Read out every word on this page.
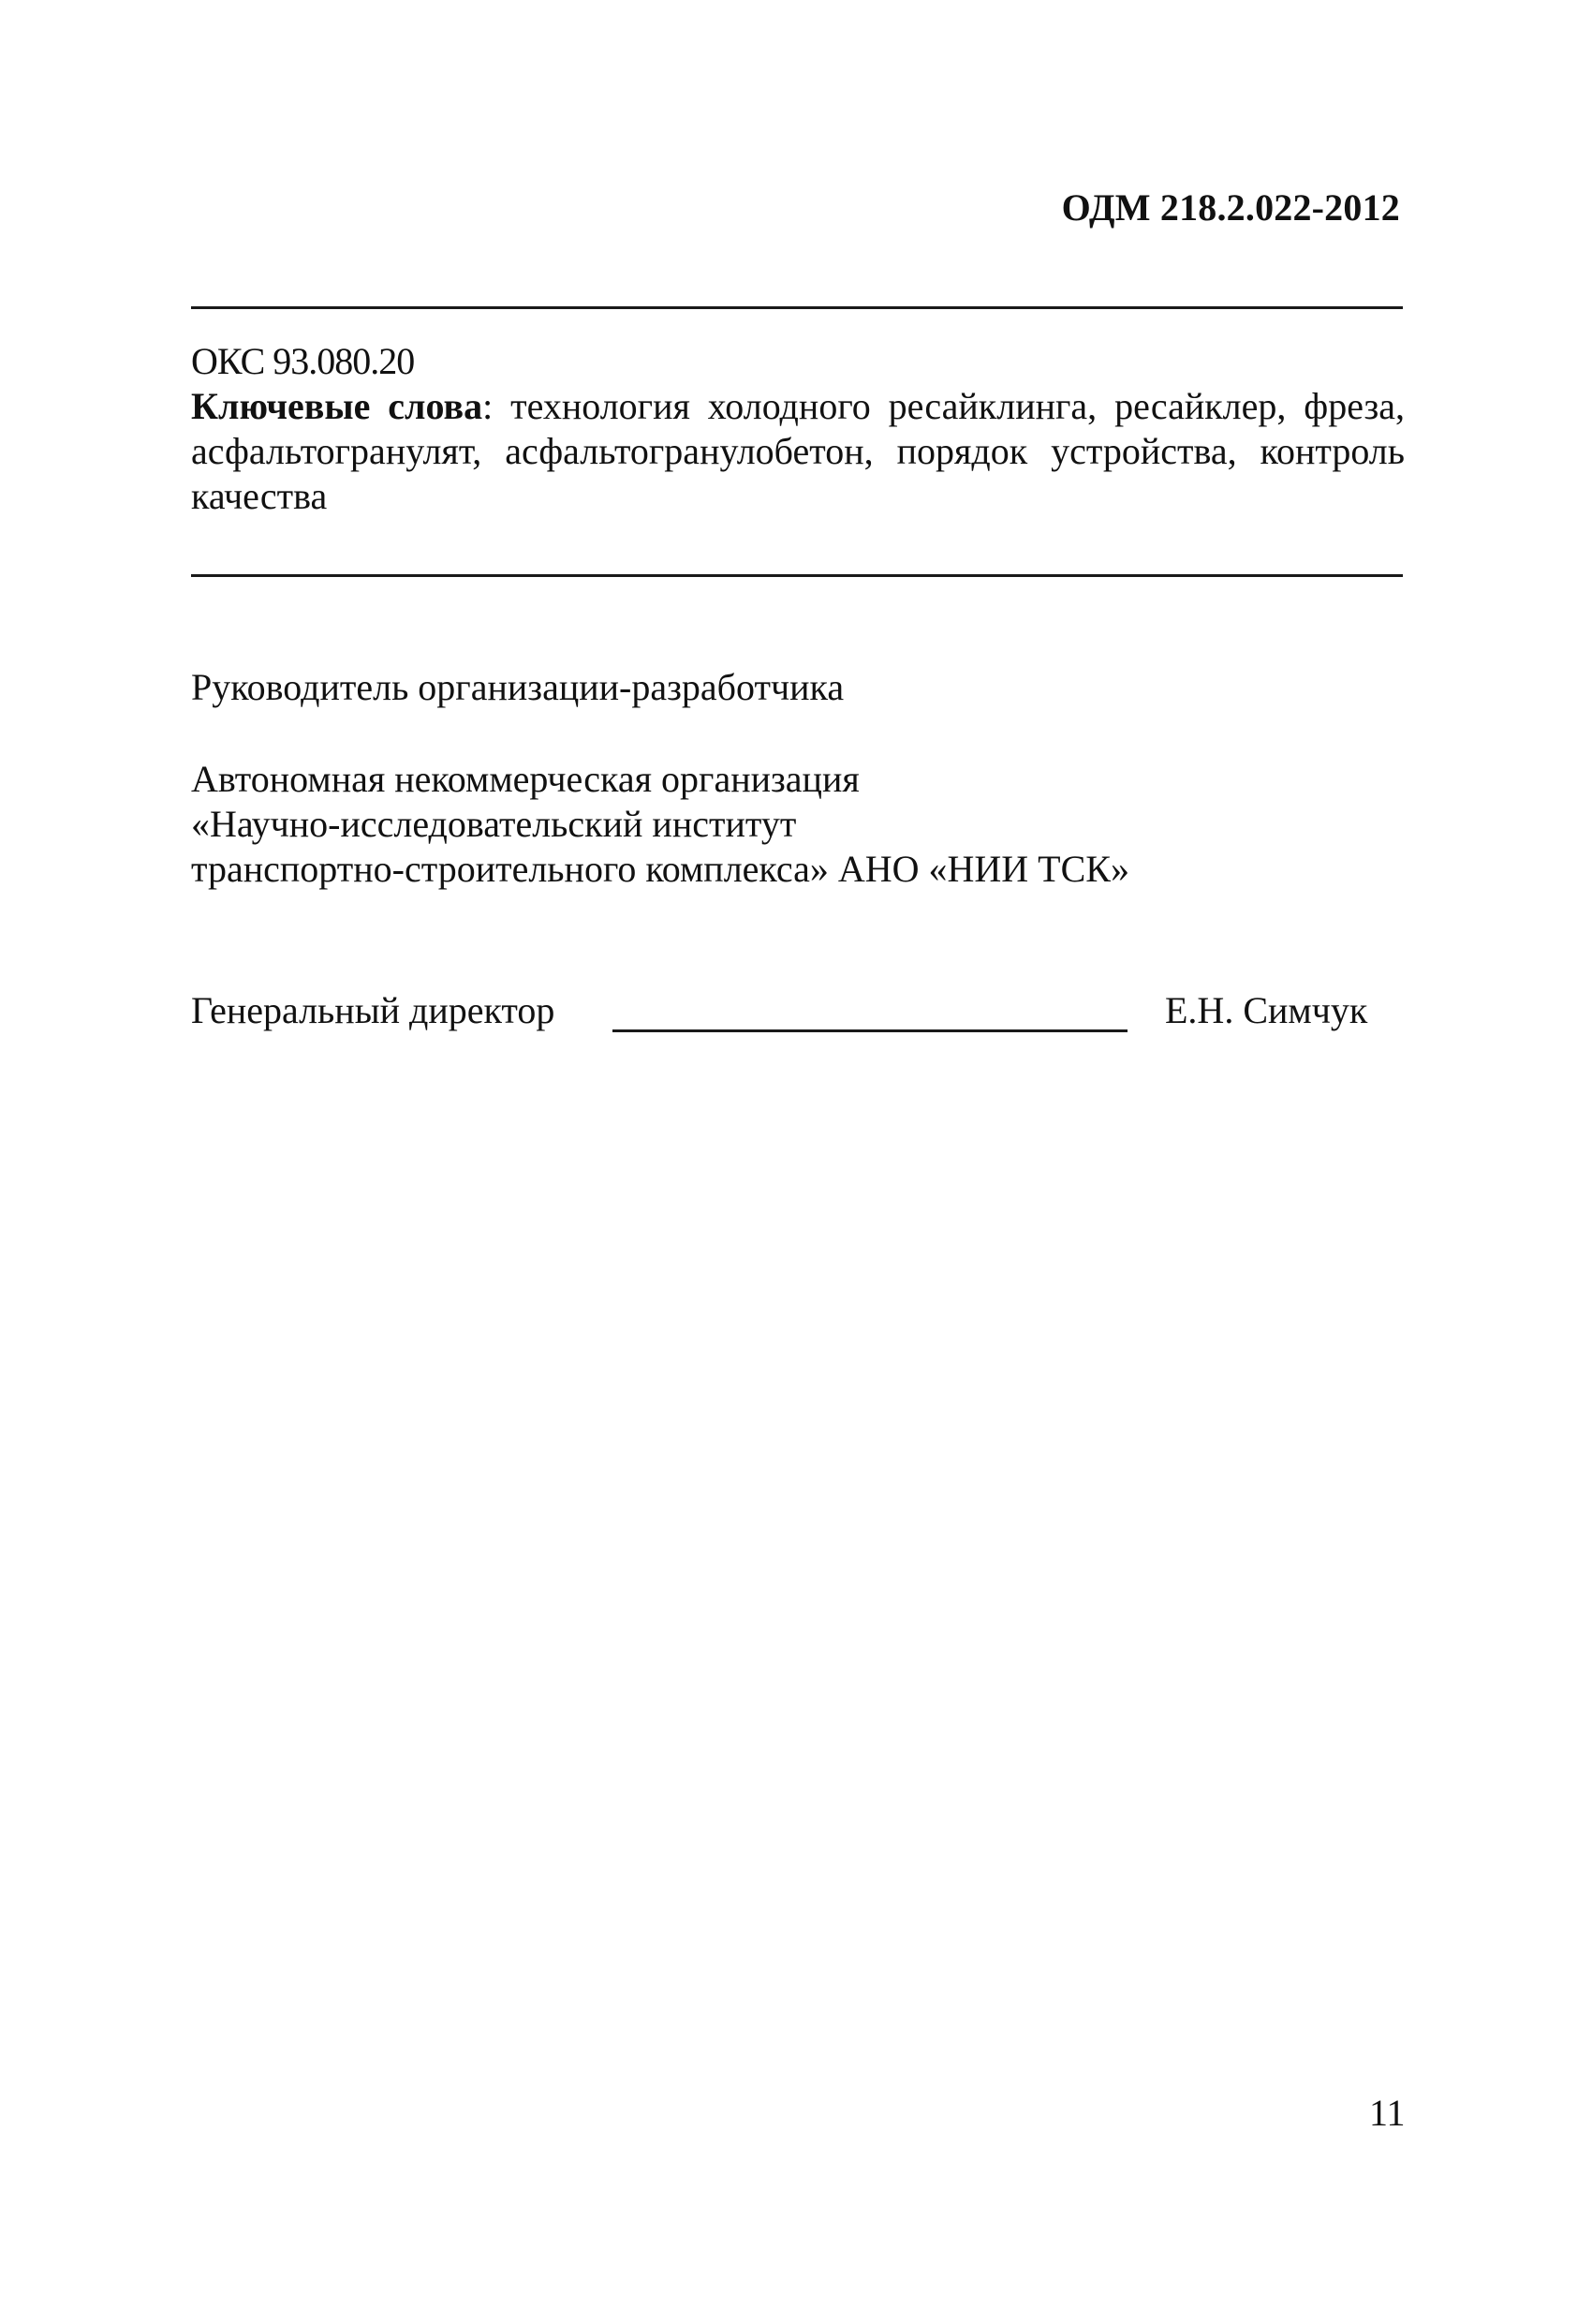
ОДМ 218.2.022-2012
ОКС 93.080.20

Ключевые слова: технология холодного ресайклинга, ресайклер, фреза, асфальтогранулят, асфальтогранулобетон, порядок устройства, контроль качества

Руководитель организации-разработчика
Автономная некоммерческая организация
«Научно-исследовательский институт
транспортно-строительного комплекса» АНО «НИИ ТСК»
Генеральный директор	Е.Н. Симчук
11
